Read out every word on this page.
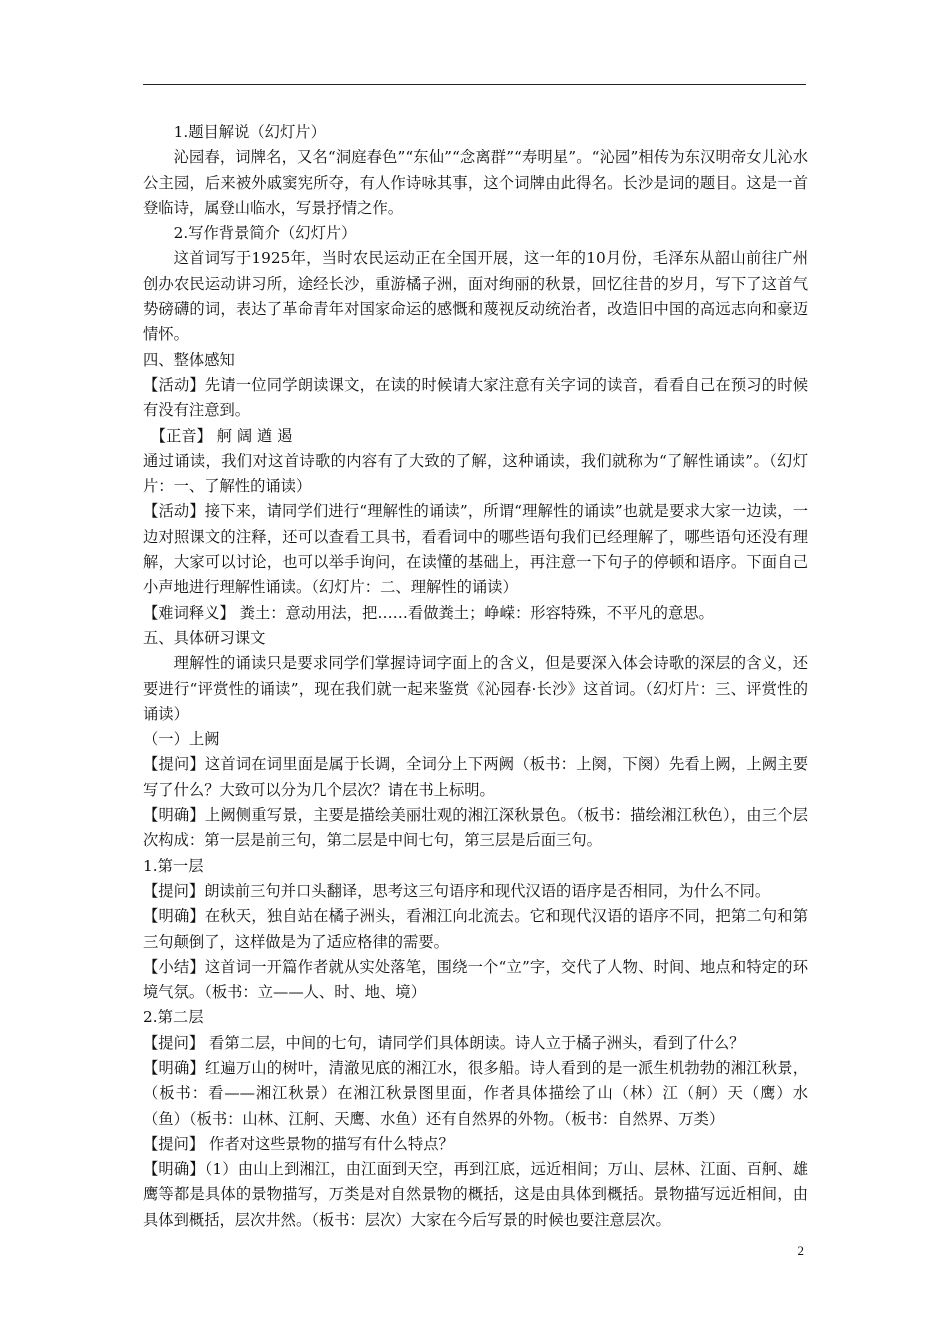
1.题目解说（幻灯片）

沁园春，词牌名，又名“洞庭春色”“东仙”“念离群”“寿明星”。“沁园”相传为东汉明帝女儿沁水公主园，后来被外戚窦宪所夺，有人作诗咏其事，这个词牌由此得名。长沙是词的题目。这是一首登临诗，属登山临水，写景抒情之作。

2.写作背景简介（幻灯片）

这首词写于1925年，当时农民运动正在全国开展，这一年的10月份，毛泽东从韶山前往广州创办农民运动讲习所，途经长沙，重游橘子洲，面对绚丽的秋景，回忆往昔的岁月，写下了这首气势磅礴的词，表达了革命青年对国家命运的感慨和蔑视反动统治者，改造旧中国的高远志向和豪迈情怀。

四、整体感知

【活动】先请一位同学朗读课文，在读的时候请大家注意有关字词的读音，看看自己在预习的时候有没有注意到。

【正音】 舸 阔 遒 遏

通过诵读，我们对这首诗歌的内容有了大致的了解，这种诵读，我们就称为“了解性诵读”。（幻灯片：一、了解性的诵读）

【活动】接下来，请同学们进行“理解性的诵读”，所谓“理解性的诵读”也就是要求大家一边读，一边对照课文的注释，还可以查看工具书，看看词中的哪些语句我们已经理解了，哪些语句还没有理解，大家可以讨论，也可以举手询问，在读懂的基础上，再注意一下句子的停顿和语序。下面自己小声地进行理解性诵读。（幻灯片：二、理解性的诵读）

【难词释义】 粪土：意动用法，把……看做粪土；峥嵘：形容特殊，不平凡的意思。

五、具体研习课文

理解性的诵读只是要求同学们掌握诗词字面上的含义，但是要深入体会诗歌的深层的含义，还要进行“评赏性的诵读”，现在我们就一起来鉴赏《沁园春·长沙》这首词。（幻灯片：三、评赏性的诵读）

（一）上阙

【提问】这首词在词里面是属于长调，全词分上下两阙（板书：上阕，下阕）先看上阙，上阙主要写了什么？大致可以分为几个层次？请在书上标明。

【明确】上阙侧重写景，主要是描绘美丽壮观的湘江深秋景色。（板书：描绘湘江秋色），由三个层次构成：第一层是前三句，第二层是中间七句，第三层是后面三句。

1.第一层

【提问】朗读前三句并口头翻译，思考这三句语序和现代汉语的语序是否相同，为什么不同。

【明确】在秋天，独自站在橘子洲头，看湘江向北流去。它和现代汉语的语序不同，把第二句和第三句颠倒了，这样做是为了适应格律的需要。

【小结】这首词一开篇作者就从实处落笔，围绕一个“立”字，交代了人物、时间、地点和特定的环境气氛。（板书：立——人、时、地、境）

2.第二层

【提问】 看第二层，中间的七句，请同学们具体朗读。诗人立于橘子洲头，看到了什么？

【明确】红遍万山的树叶，清澈见底的湘江水，很多船。诗人看到的是一派生机勃勃的湘江秋景，（板书：看——湘江秋景）在湘江秋景图里面，作者具体描绘了山（林）江（舸）天（鹰）水（鱼）（板书：山林、江舸、天鹰、水鱼）还有自然界的外物。（板书：自然界、万类）

【提问】 作者对这些景物的描写有什么特点？

【明确】（1）由山上到湘江，由江面到天空，再到江底，远近相间；万山、层林、江面、百舸、雄鹰等都是具体的景物描写，万类是对自然景物的概括，这是由具体到概括。景物描写远近相间，由具体到概括，层次井然。（板书：层次）大家在今后写景的时候也要注意层次。

2
